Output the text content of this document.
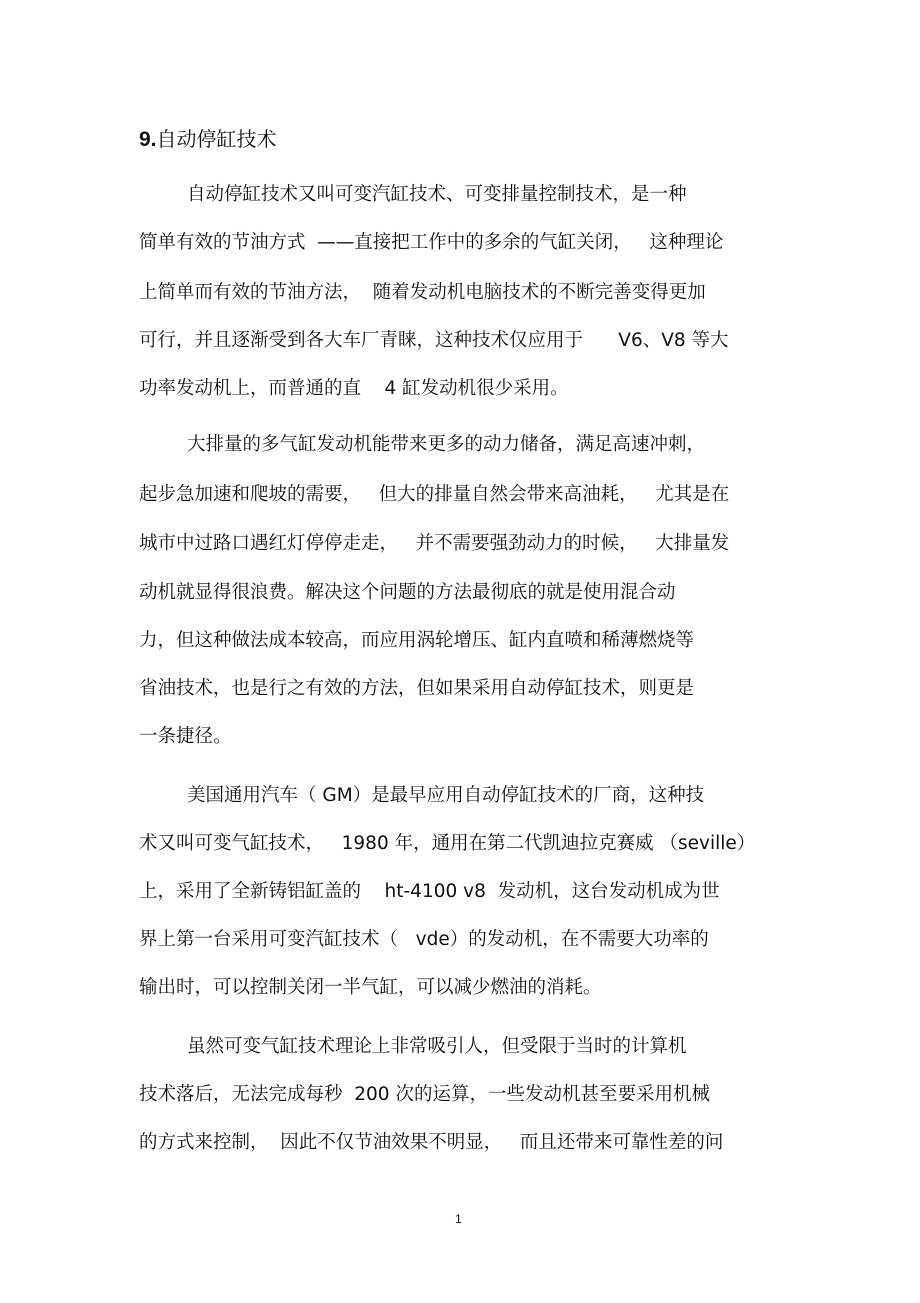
9.自动停缸技术

自动停缸技术又叫可变汽缸技术、可变排量控制技术，是一种

简单有效的节油方式  ——直接把工作中的多余的气缸关闭，   这种理论

上简单而有效的节油方法，  随着发动机电脑技术的不断完善变得更加

可行，并且逐渐受到各大车厂青睐，这种技术仅应用于      V6、V8 等大

功率发动机上，而普通的直    4 缸发动机很少采用。

大排量的多气缸发动机能带来更多的动力储备，满足高速冲刺，

起步急加速和爬坡的需要，   但大的排量自然会带来高油耗，   尤其是在

城市中过路口遇红灯停停走走，   并不需要强劲动力的时候，   大排量发

动机就显得很浪费。解决这个问题的方法最彻底的就是使用混合动

力，但这种做法成本较高，而应用涡轮增压、缸内直喷和稀薄燃烧等

省油技术，也是行之有效的方法，但如果采用自动停缸技术，则更是

一条捷径。

美国通用汽车（ GM）是最早应用自动停缸技术的厂商，这种技

术又叫可变气缸技术，   1980 年，通用在第二代凯迪拉克赛威 （seville）

上，采用了全新铸铝缸盖的    ht-4100 v8  发动机，这台发动机成为世

界上第一台采用可变汽缸技术（   vde）的发动机，在不需要大功率的

输出时，可以控制关闭一半气缸，可以减少燃油的消耗。

虽然可变气缸技术理论上非常吸引人，但受限于当时的计算机

技术落后，无法完成每秒  200 次的运算，一些发动机甚至要采用机械

的方式来控制，  因此不仅节油效果不明显，   而且还带来可靠性差的问

1
